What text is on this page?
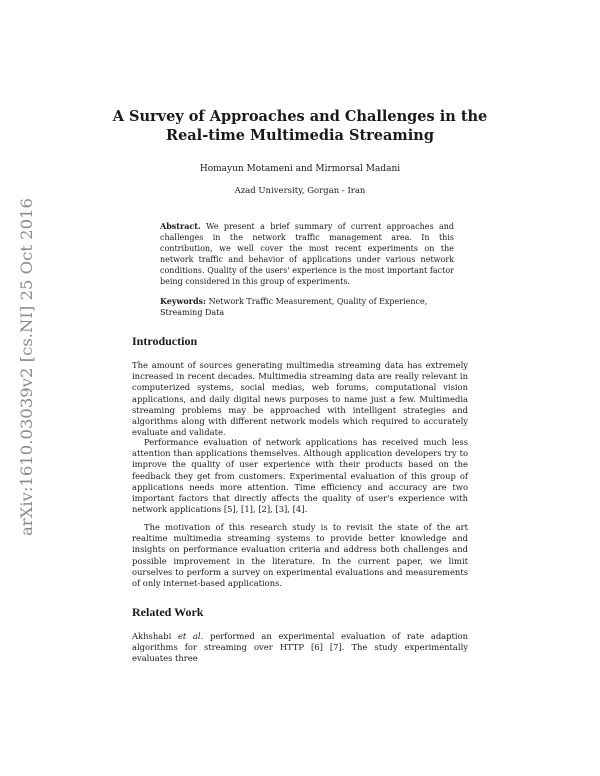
arXiv:1610.03039v2 [cs.NI] 25 Oct 2016
A Survey of Approaches and Challenges in the
Real-time Multimedia Streaming
Homayun Motameni and Mirmorsal Madani
Azad University, Gorgan - Iran
Abstract. We present a brief summary of current approaches and challenges in the network traffic management area. In this contribution, we well cover the most recent experiments on the network traffic and behavior of applications under various network conditions. Quality of the users' experience is the most important factor being considered in this group of experiments.
Keywords: Network Traffic Measurement, Quality of Experience, Streaming Data
Introduction
The amount of sources generating multimedia streaming data has extremely increased in recent decades. Multimedia streaming data are really relevant in computerized systems, social medias, web forums, computational vision applications, and daily digital news purposes to name just a few. Multimedia streaming problems may be approached with intelligent strategies and algorithms along with different network models which required to accurately evaluate and validate.
Performance evaluation of network applications has received much less attention than applications themselves. Although application developers try to improve the quality of user experience with their products based on the feedback they get from customers. Experimental evaluation of this group of applications needs more attention. Time efficiency and accuracy are two important factors that directly affects the quality of user's experience with network applications [5], [1], [2], [3], [4].
The motivation of this research study is to revisit the state of the art realtime multimedia streaming systems to provide better knowledge and insights on performance evaluation criteria and address both challenges and possible improvement in the literature. In the current paper, we limit ourselves to perform a survey on experimental evaluations and measurements of only internet-based applications.
Related Work
Akhshabi et al. performed an experimental evaluation of rate adaption algorithms for streaming over HTTP [6] [7]. The study experimentally evaluates three
